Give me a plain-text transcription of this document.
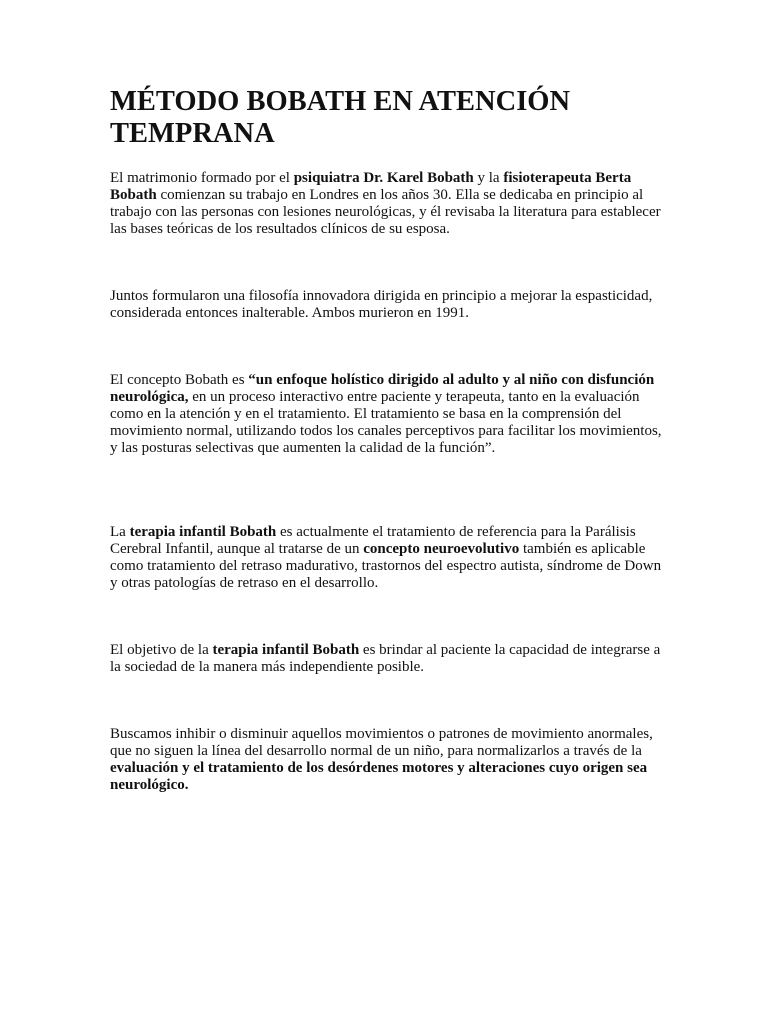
MÉTODO BOBATH EN ATENCIÓN TEMPRANA

El matrimonio formado por el psiquiatra Dr. Karel Bobath y la fisioterapeuta Berta Bobath comienzan su trabajo en Londres en los años 30. Ella se dedicaba en principio al trabajo con las personas con lesiones neurológicas, y él revisaba la literatura para establecer las bases teóricas de los resultados clínicos de su esposa.

Juntos formularon una filosofía innovadora dirigida en principio a mejorar la espasticidad, considerada entonces inalterable. Ambos murieron en 1991.

El concepto Bobath es “un enfoque holístico dirigido al adulto y al niño con disfunción neurológica, en un proceso interactivo entre paciente y terapeuta, tanto en la evaluación como en la atención y en el tratamiento. El tratamiento se basa en la comprensión del movimiento normal, utilizando todos los canales perceptivos para facilitar los movimientos, y las posturas selectivas que aumenten la calidad de la función”.

La terapia infantil Bobath es actualmente el tratamiento de referencia para la Parálisis Cerebral Infantil, aunque al tratarse de un concepto neuroevolutivo también es aplicable como tratamiento del retraso madurativo, trastornos del espectro autista, síndrome de Down y otras patologías de retraso en el desarrollo.

El objetivo de la terapia infantil Bobath es brindar al paciente la capacidad de integrarse a la sociedad de la manera más independiente posible.

Buscamos inhibir o disminuir aquellos movimientos o patrones de movimiento anormales, que no siguen la línea del desarrollo normal de un niño, para normalizarlos a través de la evaluación y el tratamiento de los desórdenes motores y alteraciones cuyo origen sea neurológico.
